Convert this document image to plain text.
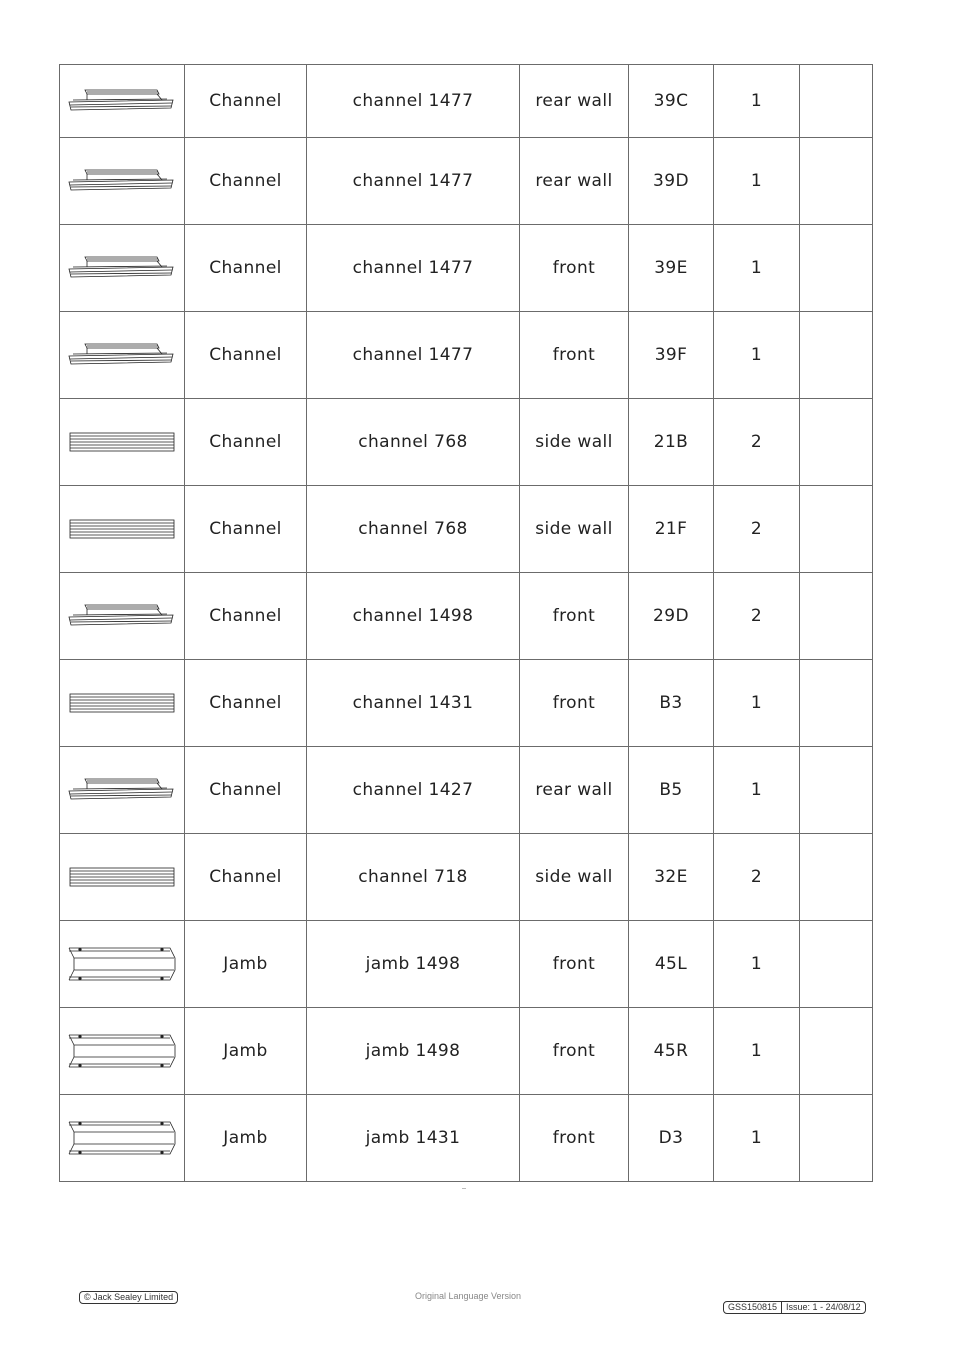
	Channel	channel 1477	rear wall	39C	1	

	Channel	channel 1477	rear wall	39D	1	

	Channel	channel 1477	front	39E	1	

	Channel	channel 1477	front	39F	1	

	Channel	channel 768	side wall	21B	2	

	Channel	channel 768	side wall	21F	2	

	Channel	channel 1498	front	29D	2	

	Channel	channel 1431	front	B3	1	

	Channel	channel 1427	rear wall	B5	1	

	Channel	channel 718	side wall	32E	2	

	Jamb	jamb 1498	front	45L	1	

	Jamb	jamb 1498	front	45R	1	

	Jamb	jamb 1431	front	D3	1	
© Jack Sealey Limited	Original Language Version
GSS150815	Issue: 1 - 24/08/12
